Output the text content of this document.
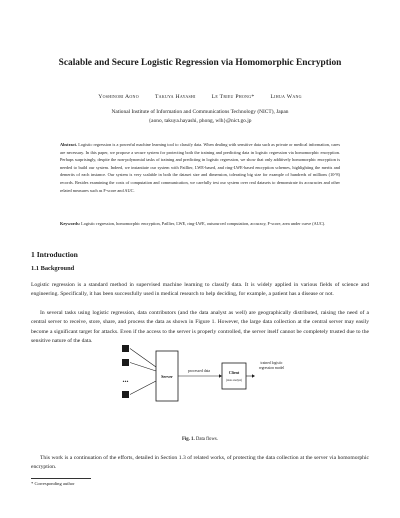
Scalable and Secure Logistic Regression via Homomorphic Encryption
Yoshinori Aono	Takuya Hayashi	Le Trieu Phong*	Lihua Wang
National Institute of Information and Communications Technology (NICT), Japan
{aono, takuya.hayashi, phong, wlh}@nict.go.jp
Abstract. Logistic regression is a powerful machine learning tool to classify data. When dealing with sensitive data such as private or medical information, cares are necessary. In this paper, we propose a secure system for protecting both the training and predicting data in logistic regression via homomorphic encryption. Perhaps surprisingly, despite the non-polynomial tasks of training and predicting in logistic regression, we show that only additively homomorphic encryption is needed to build our system. Indeed, we instantiate our system with Paillier, LWE-based, and ring-LWE-based encryption schemes, highlighting the merits and demerits of each instance. Our system is very scalable in both the dataset size and dimension, tolerating big size for example of hundreds of millions (10^8) records. Besides examining the costs of computation and communication, we carefully test our system over real datasets to demonstrate its accuracies and other related measures such as F-score and AUC.
Keywords: Logistic regression, homomorphic encryption, Paillier, LWE, ring-LWE, outsourced computation, accuracy, F-score, area under curve (AUC).
1 Introduction
1.1 Background

Logistic regression is a standard method in supervised machine learning to classify data. It is widely applied in various fields of science and engineering. Specifically, it has been successfully used in medical research to help deciding, for example, a patient has a disease or not.

In several tasks using logistic regression, data contributors (and the data analyst as well) are geographically distributed, raising the need of a central server to receive, store, share, and process the data as shown in Figure 1. However, the large data collection at the central server may easily become a significant target for attacks. Even if the access to the server is properly controlled, the server itself cannot be completely trusted due to the sensitive nature of the data.

...	Server
processed data	Client
(data analyst)
trained logistic regression model
Fig. 1. Data flows.

This work is a continuation of the efforts, detailed in Section 1.3 of related works, of protecting the data collection at the server via homomorphic encryption.

* Corresponding author
